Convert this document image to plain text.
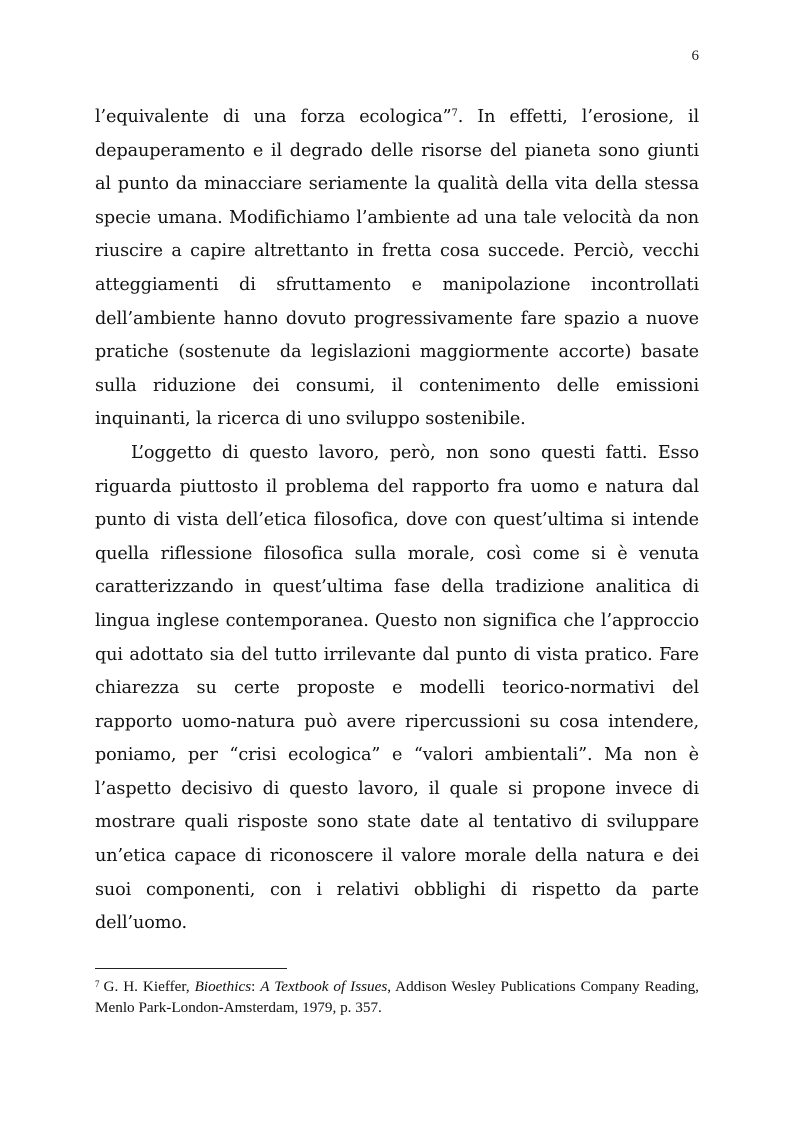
6

l’equivalente di una forza ecologica”$^7$. In effetti, l’erosione, il depauperamento e il degrado delle risorse del pianeta sono giunti al punto da minacciare seriamente la qualità della vita della stessa specie umana. Modifichiamo l’ambiente ad una tale velocità da non riuscire a capire altrettanto in fretta cosa succede. Perciò, vecchi atteggiamenti di sfruttamento e manipolazione incontrollati dell’ambiente hanno dovuto progressivamente fare spazio a nuove pratiche (sostenute da legislazioni maggiormente accorte) basate sulla riduzione dei consumi, il contenimento delle emissioni inquinanti, la ricerca di uno sviluppo sostenibile.

L’oggetto di questo lavoro, però, non sono questi fatti. Esso riguarda piuttosto il problema del rapporto fra uomo e natura dal punto di vista dell’etica filosofica, dove con quest’ultima si intende quella riflessione filosofica sulla morale, così come si è venuta caratterizzando in quest’ultima fase della tradizione analitica di lingua inglese contemporanea. Questo non significa che l’approccio qui adottato sia del tutto irrilevante dal punto di vista pratico. Fare chiarezza su certe proposte e modelli teorico-normativi del rapporto uomo-natura può avere ripercussioni su cosa intendere, poniamo, per “crisi ecologica” e “valori ambientali”. Ma non è l’aspetto decisivo di questo lavoro, il quale si propone invece di mostrare quali risposte sono state date al tentativo di sviluppare un’etica capace di riconoscere il valore morale della natura e dei suoi componenti, con i relativi obblighi di rispetto da parte dell’uomo.

$^7$ G. H. Kieffer, Bioethics: A Textbook of Issues, Addison Wesley Publications Company Reading, Menlo Park-London-Amsterdam, 1979, p. 357.
